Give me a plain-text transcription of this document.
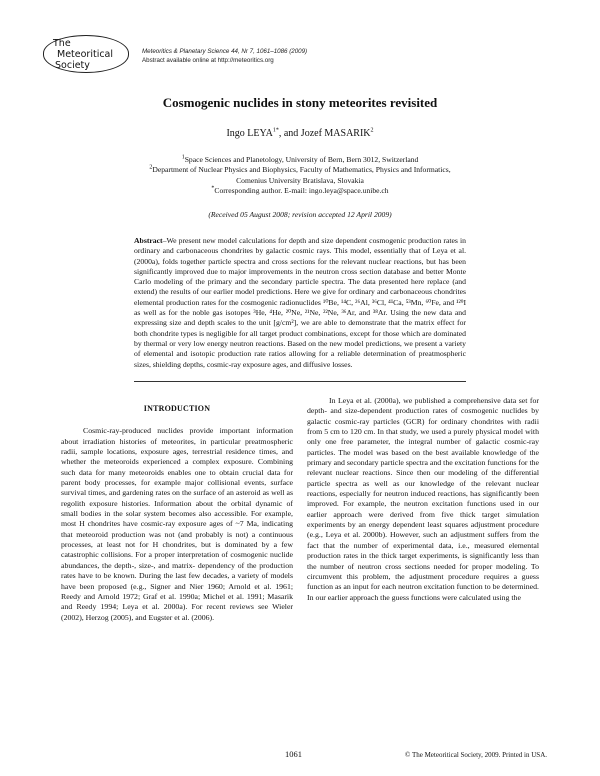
The
Meteoritical
Society
Meteoritics & Planetary Science 44, Nr 7, 1061–1086 (2009)
Abstract available online at http://meteoritics.org
Cosmogenic nuclides in stony meteorites revisited
Ingo $LEYA^{1*}$, and Jozef MASARIK$^2$
$^1$Space Sciences and Planetology, University of Bern, Bern 3012, Switzerland
$^2$Department of Nuclear Physics and Biophysics, Faculty of Mathematics, Physics and Informatics,
Comenius University Bratislava, Slovakia
*Corresponding author. E-mail: ingo.leya@space.unibe.ch
(Received 05 August 2008; revision accepted 12 April 2009)
Abstract–We present new model calculations for depth and size dependent cosmogenic production rates in ordinary and carbonaceous chondrites by galactic cosmic rays. This model, essentially that of Leya et al. (2000a), folds together particle spectra and cross sections for the relevant nuclear reactions, but has been significantly improved due to major improvements in the neutron cross section database and better Monte Carlo modeling of the primary and the secondary particle spectra. The data presented here replace (and extend) the results of our earlier model predictions. Here we give for ordinary and carbonaceous chondrites elemental production rates for the cosmogenic radionuclides ¹⁰Be, ¹⁴C, ²⁶Al, ³⁶Cl, ⁴¹Ca, ⁵³Mn, ⁶⁰Fe, and ¹²⁹I as well as for the noble gas isotopes ³He, ⁴He, ²⁰Ne, ²¹Ne, ²²Ne, ³⁶Ar, and ³⁸Ar. Using the new data and expressing size and depth scales to the unit [g/cm²], we are able to demonstrate that the matrix effect for both chondrite types is negligible for all target product combinations, except for those which are dominated by thermal or very low energy neutron reactions. Based on the new model predictions, we present a variety of elemental and isotopic production rate ratios allowing for a reliable determination of preatmospheric sizes, shielding depths, cosmic-ray exposure ages, and diffusive losses.
INTRODUCTION

Cosmic-ray-produced nuclides provide important information about irradiation histories of meteorites, in particular preatmospheric radii, sample locations, exposure ages, terrestrial residence times, and whether the meteoroids experienced a complex exposure. Combining such data for many meteoroids enables one to obtain crucial data for parent body processes, for example major collisional events, surface survival times, and gardening rates on the surface of an asteroid as well as regolith exposure histories. Information about the orbital dynamic of small bodies in the solar system becomes also accessible. For example, most H chondrites have cosmic-ray exposure ages of ~7 Ma, indicating that meteoroid production was not (and probably is not) a continuous processes, at least not for H chondrites, but is dominated by a few catastrophic collisions. For a proper interpretation of cosmogenic nuclide abundances, the depth-, size-, and matrix- dependency of the production rates have to be known. During the last few decades, a variety of models have been proposed (e.g., Signer and Nier 1960; Arnold et al. 1961; Reedy and Arnold 1972; Graf et al. 1990a; Michel et al. 1991; Masarik and Reedy 1994; Leya et al. 2000a). For recent reviews see Wieler (2002), Herzog (2005), and Eugster et al. (2006).

In Leya et al. (2000a), we published a comprehensive data set for depth- and size-dependent production rates of cosmogenic nuclides by galactic cosmic-ray particles (GCR) for ordinary chondrites with radii from 5 cm to 120 cm. In that study, we used a purely physical model with only one free parameter, the integral number of galactic cosmic-ray particles. The model was based on the best available knowledge of the primary and secondary particle spectra and the excitation functions for the relevant nuclear reactions. Since then our modeling of the differential particle spectra as well as our knowledge of the relevant nuclear reactions, especially for neutron induced reactions, has significantly been improved. For example, the neutron excitation functions used in our earlier approach were derived from five thick target simulation experiments by an energy dependent least squares adjustment procedure (e.g., Leya et al. 2000b). However, such an adjustment suffers from the fact that the number of experimental data, i.e., measured elemental production rates in the thick target experiments, is significantly less than the number of neutron cross sections needed for proper modeling. To circumvent this problem, the adjustment procedure requires a guess function as an input for each neutron excitation function to be determined. In our earlier approach the guess functions were calculated using the

1061	© The Meteoritical Society, 2009. Printed in USA.
